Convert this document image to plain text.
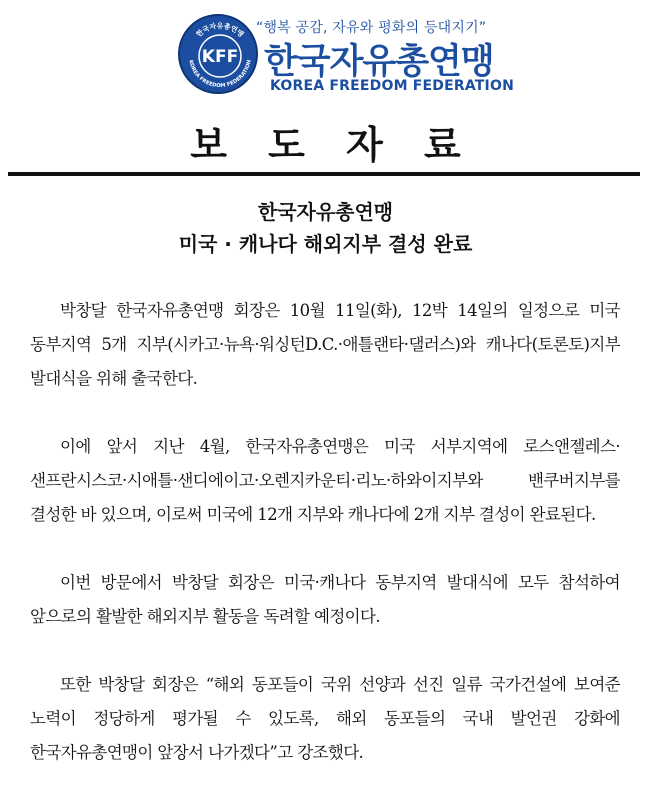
한국자유총연맹
KOREA FREEDOM FEDERATION
KFF
“행복 공감, 자유와 평화의 등대지기”
한국자유총연맹
KOREA FREEDOM FEDERATION
보 도 자 료
한국자유총연맹
미국 · 캐나다 해외지부 결성 완료

박창달 한국자유총연맹 회장은 10월 11일(화), 12박 14일의 일정으로 미국 동부지역 5개 지부(시카고·뉴욕·워싱턴D.C.·애틀랜타·댈러스)와 캐나다(토론토)지부 발대식을 위해 출국한다.

이에 앞서 지난 4월, 한국자유총연맹은 미국 서부지역에 로스앤젤레스·샌프란시스코·시애틀·샌디에이고·오렌지카운티·리노·하와이지부와 밴쿠버지부를 결성한 바 있으며, 이로써 미국에 12개 지부와 캐나다에 2개 지부 결성이 완료된다.

이번 방문에서 박창달 회장은 미국·캐나다 동부지역 발대식에 모두 참석하여 앞으로의 활발한 해외지부 활동을 독려할 예정이다.

또한 박창달 회장은 “해외 동포들이 국위 선양과 선진 일류 국가건설에 보여준 노력이 정당하게 평가될 수 있도록, 해외 동포들의 국내 발언권 강화에 한국자유총연맹이 앞장서 나가겠다”고 강조했다.
